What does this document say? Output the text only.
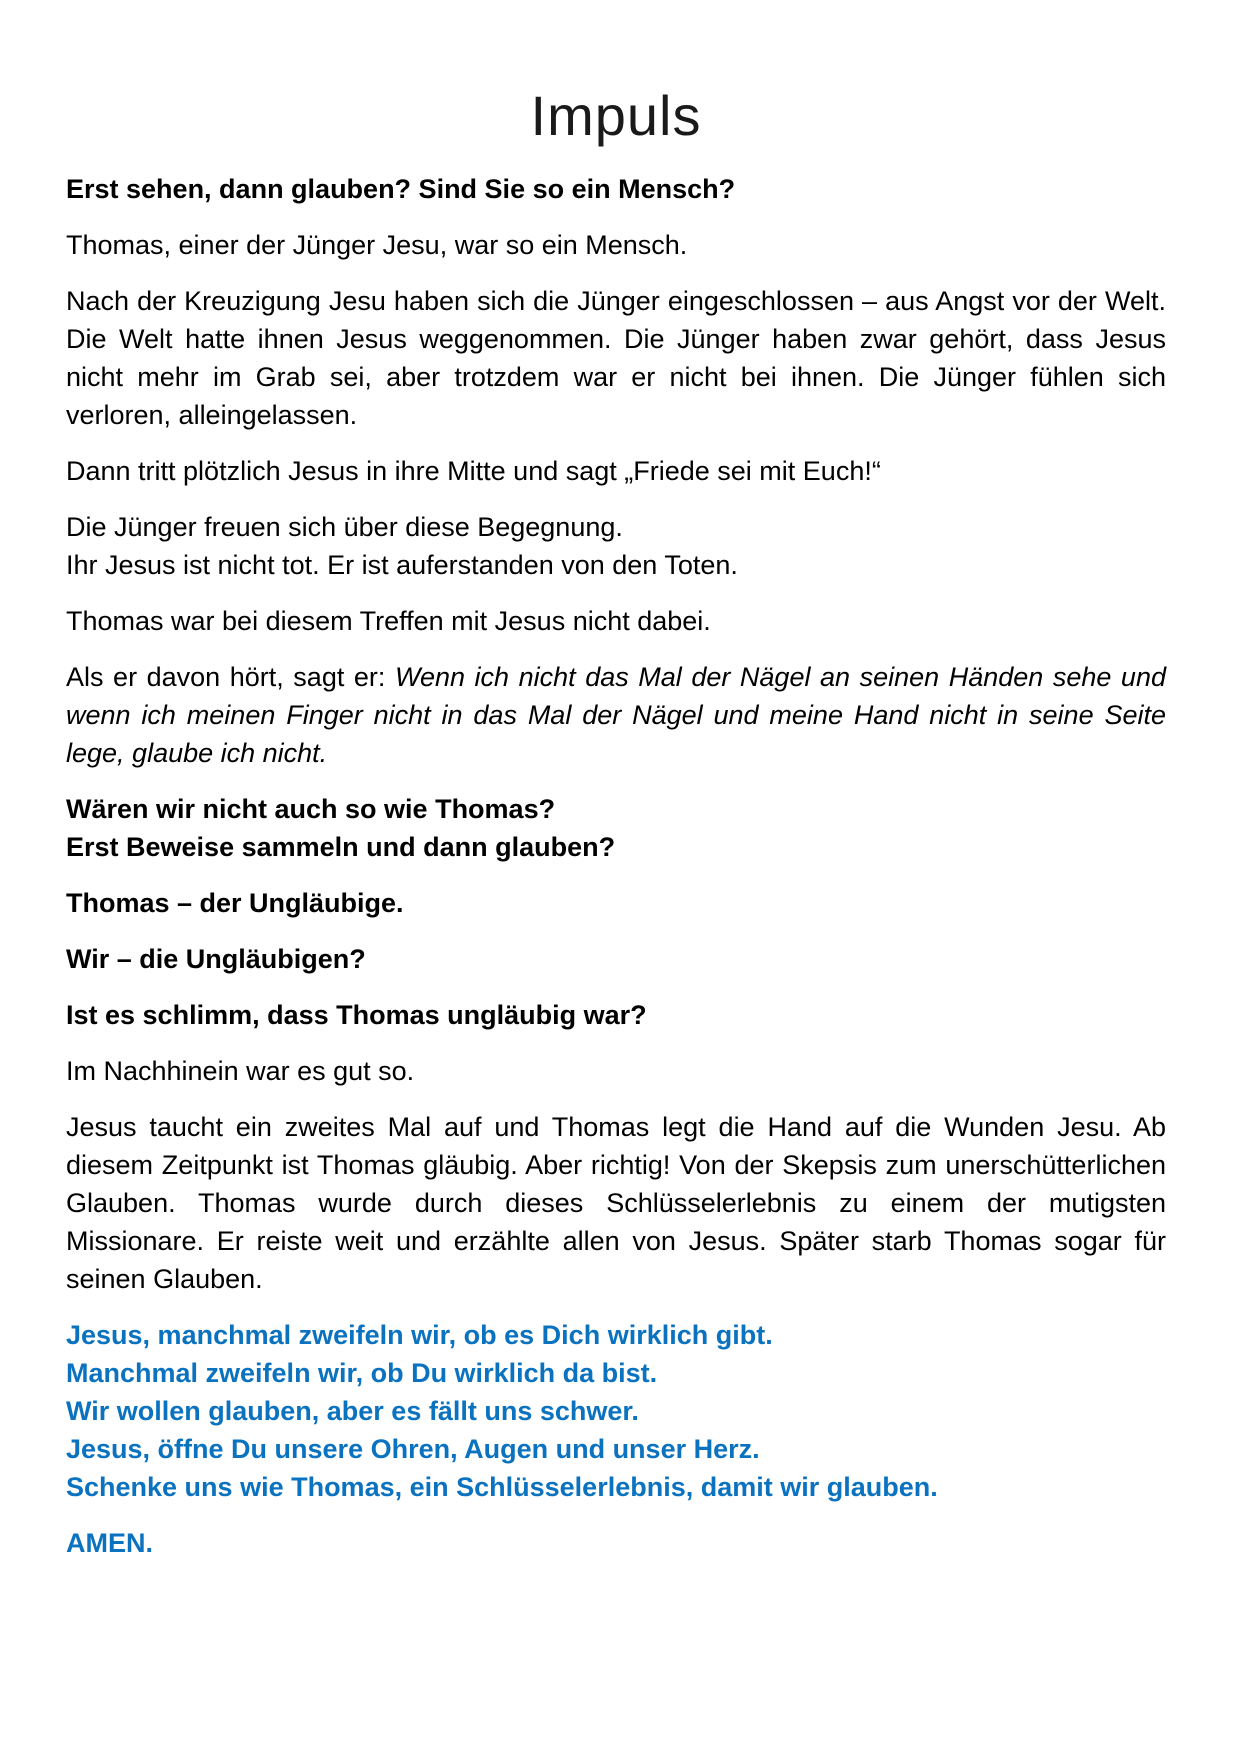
Impuls

Erst sehen, dann glauben? Sind Sie so ein Mensch?

Thomas, einer der Jünger Jesu, war so ein Mensch.

Nach der Kreuzigung Jesu haben sich die Jünger eingeschlossen – aus Angst vor der Welt. Die Welt hatte ihnen Jesus weggenommen. Die Jünger haben zwar gehört, dass Jesus nicht mehr im Grab sei, aber trotzdem war er nicht bei ihnen. Die Jünger fühlen sich verloren, alleingelassen.

Dann tritt plötzlich Jesus in ihre Mitte und sagt „Friede sei mit Euch!“

Die Jünger freuen sich über diese Begegnung.
Ihr Jesus ist nicht tot. Er ist auferstanden von den Toten.

Thomas war bei diesem Treffen mit Jesus nicht dabei.

Als er davon hört, sagt er: Wenn ich nicht das Mal der Nägel an seinen Händen sehe und wenn ich meinen Finger nicht in das Mal der Nägel und meine Hand nicht in seine Seite lege, glaube ich nicht.

Wären wir nicht auch so wie Thomas?
Erst Beweise sammeln und dann glauben?

Thomas – der Ungläubige.

Wir – die Ungläubigen?

Ist es schlimm, dass Thomas ungläubig war?

Im Nachhinein war es gut so.

Jesus taucht ein zweites Mal auf und Thomas legt die Hand auf die Wunden Jesu. Ab diesem Zeitpunkt ist Thomas gläubig. Aber richtig! Von der Skepsis zum unerschütterlichen Glauben. Thomas wurde durch dieses Schlüsselerlebnis zu einem der mutigsten Missionare. Er reiste weit und erzählte allen von Jesus. Später starb Thomas sogar für seinen Glauben.

Jesus, manchmal zweifeln wir, ob es Dich wirklich gibt.
Manchmal zweifeln wir, ob Du wirklich da bist.
Wir wollen glauben, aber es fällt uns schwer.
Jesus, öffne Du unsere Ohren, Augen und unser Herz.
Schenke uns wie Thomas, ein Schlüsselerlebnis, damit wir glauben.

AMEN.
